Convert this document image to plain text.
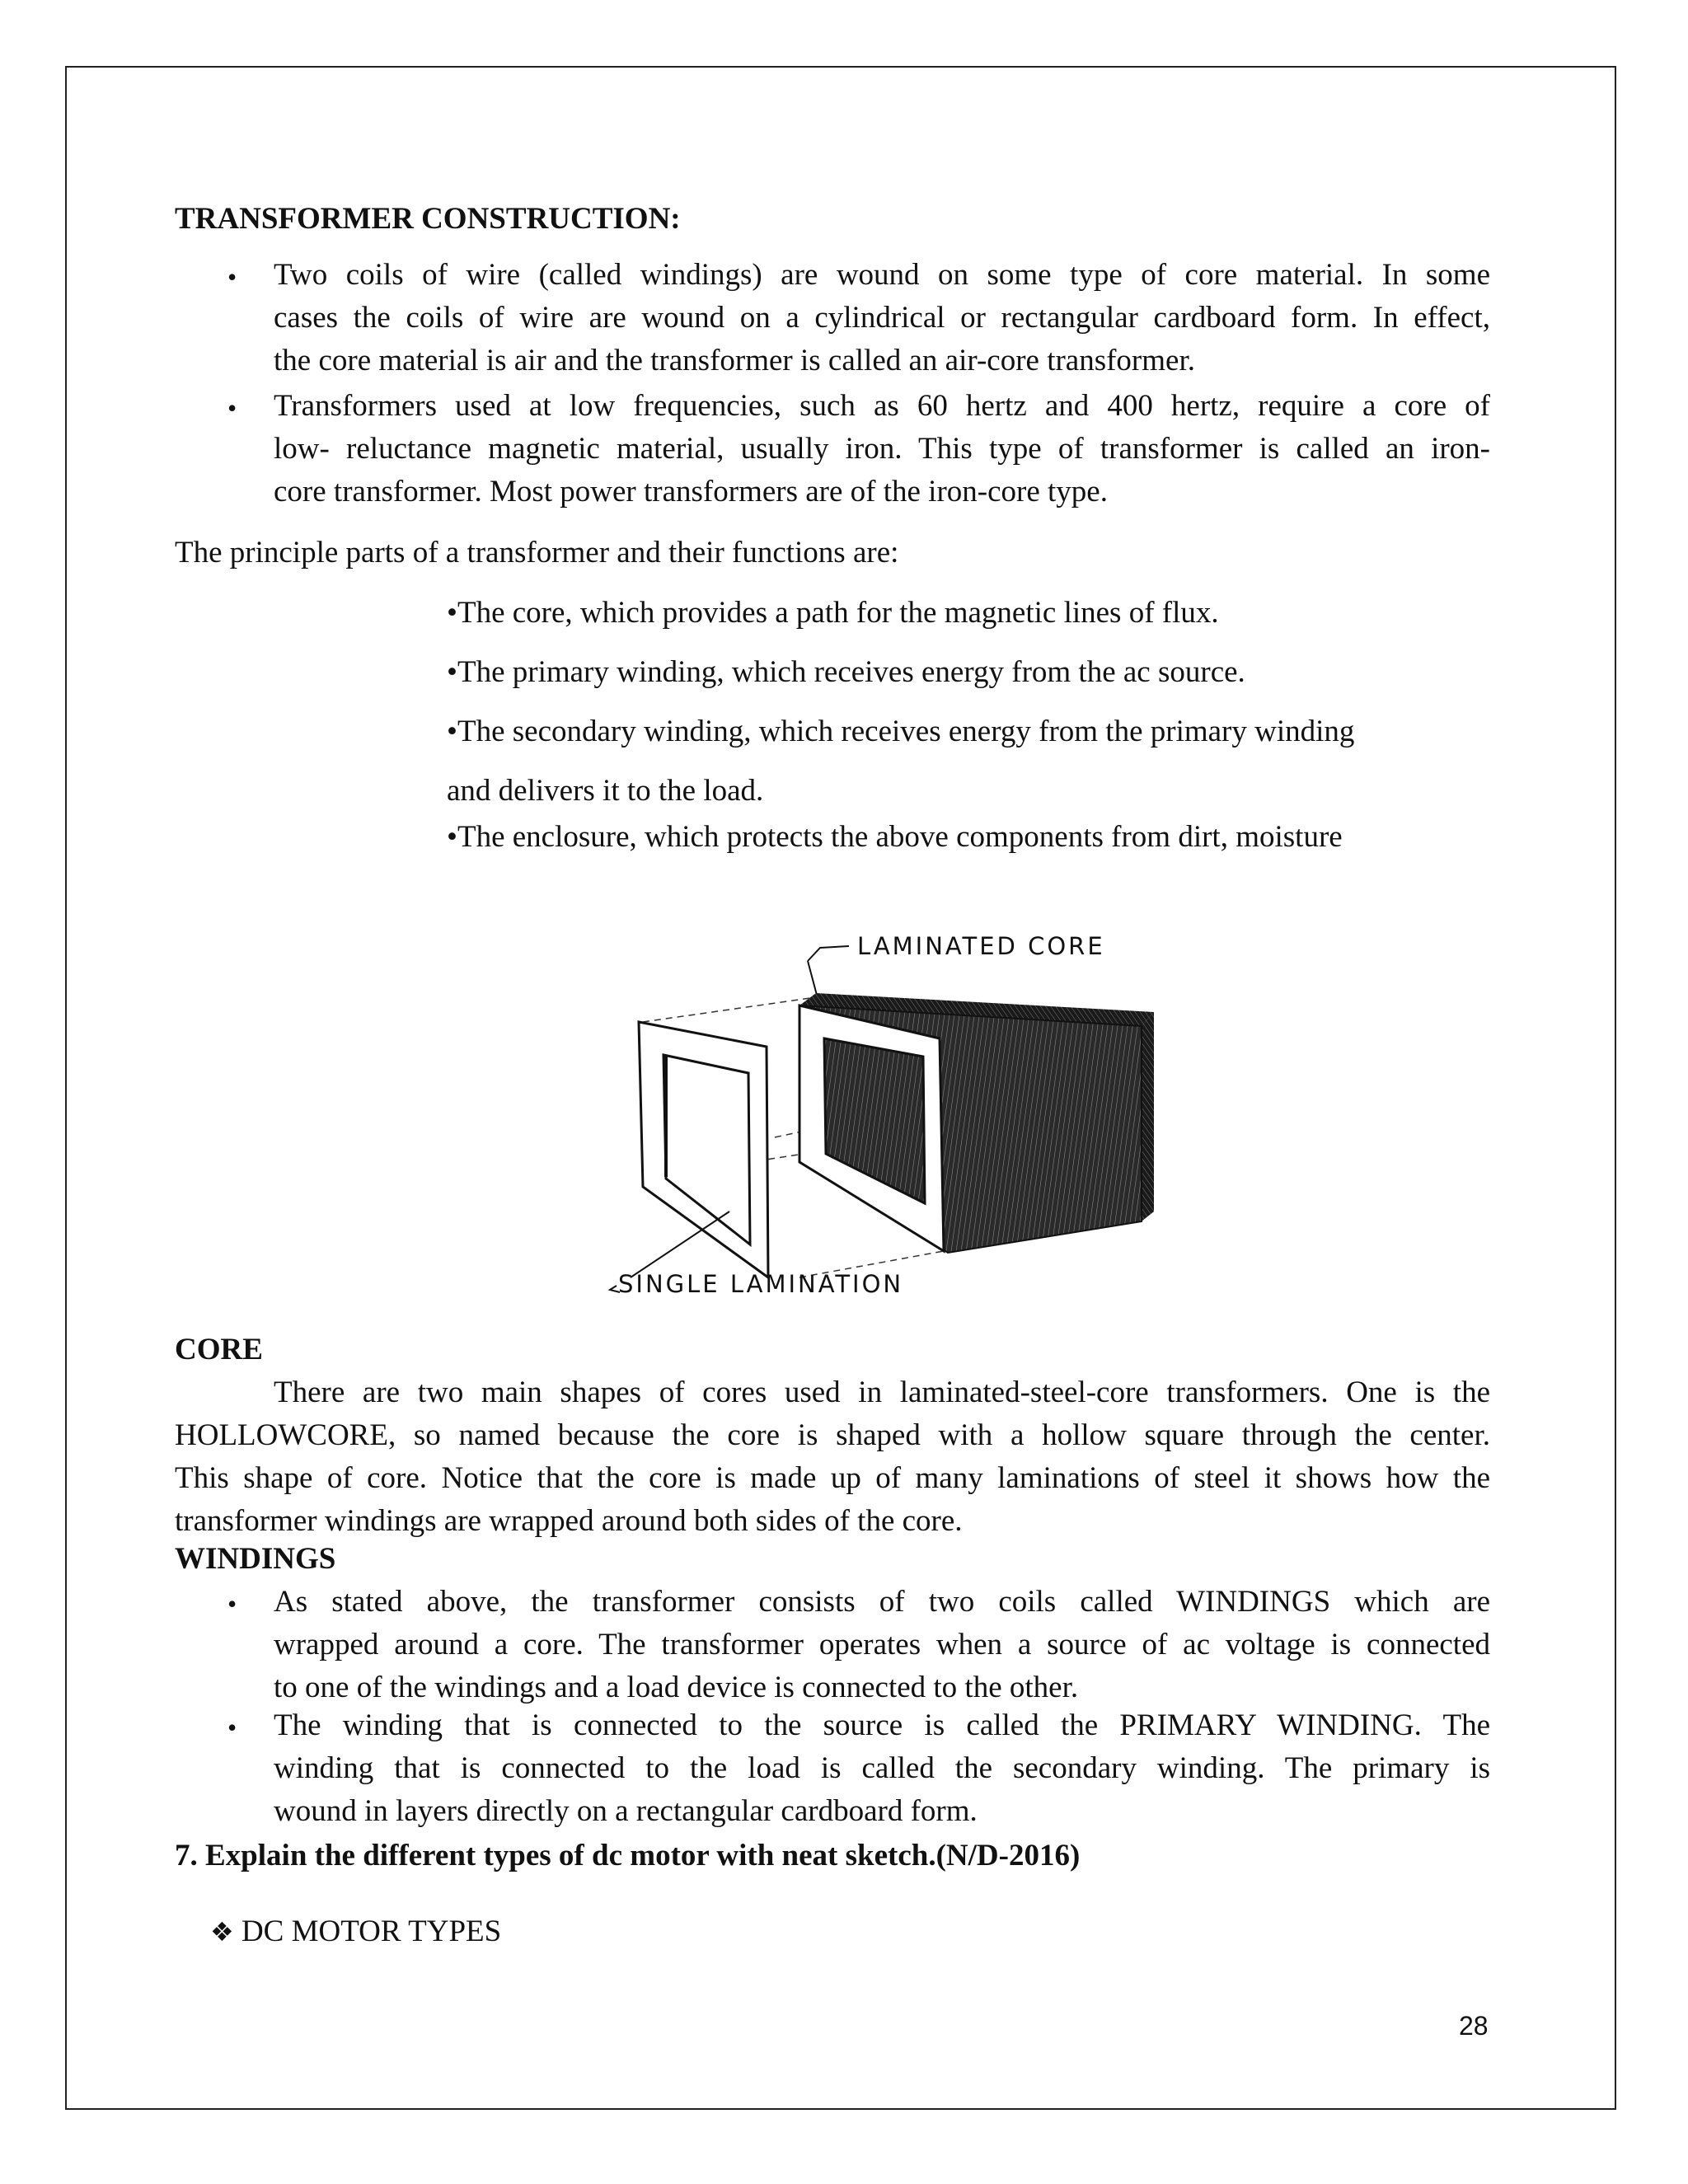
TRANSFORMER CONSTRUCTION:
• Two coils of wire (called windings) are wound on some type of core material. In some
cases the coils of wire are wound on a cylindrical or rectangular cardboard form. In effect,
the core material is air and the transformer is called an air-core transformer.
• Transformers used at low frequencies, such as 60 hertz and 400 hertz, require a core of
low- reluctance magnetic material, usually iron. This type of transformer is called an iron-
core transformer. Most power transformers are of the iron-core type.
The principle parts of a transformer and their functions are:
•The core, which provides a path for the magnetic lines of flux.
•The primary winding, which receives energy from the ac source.
•The secondary winding, which receives energy from the primary winding
and delivers it to the load.
•The enclosure, which protects the above components from dirt, moisture
LAMINATED CORE
SINGLE LAMINATION
CORE
There are two main shapes of cores used in laminated-steel-core transformers. One is the
HOLLOWCORE, so named because the core is shaped with a hollow square through the center.
This shape of core. Notice that the core is made up of many laminations of steel it shows how the
transformer windings are wrapped around both sides of the core.
WINDINGS
• As stated above, the transformer consists of two coils called WINDINGS which are
wrapped around a core. The transformer operates when a source of ac voltage is connected
to one of the windings and a load device is connected to the other.
• The winding that is connected to the source is called the PRIMARY WINDING. The
winding that is connected to the load is called the secondary winding. The primary is
wound in layers directly on a rectangular cardboard form.
7. Explain the different types of dc motor with neat sketch.(N/D-2016)
❖ DC MOTOR TYPES
28
